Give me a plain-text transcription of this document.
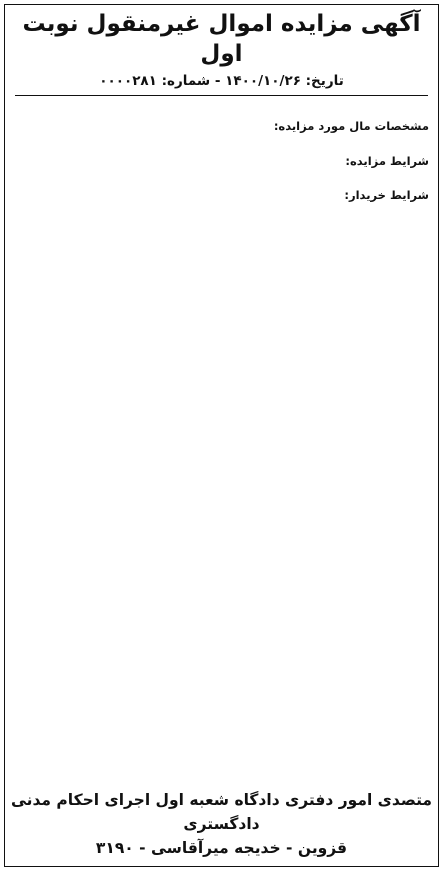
آگهی مزایده اموال غیرمنقول نوبت اول
تاریخ: ۱۴۰۰/۱۰/۲۶ - شماره: ۰۰۰۰۲۸۱

مشخصات مال مورد مزایده:

شرایط مزایده:

شرایط خریدار:

متصدی امور دفتری دادگاه شعبه اول اجرای احکام مدنی دادگستری
قزوین - خدیجه میرآقاسی - ۳۱۹۰
